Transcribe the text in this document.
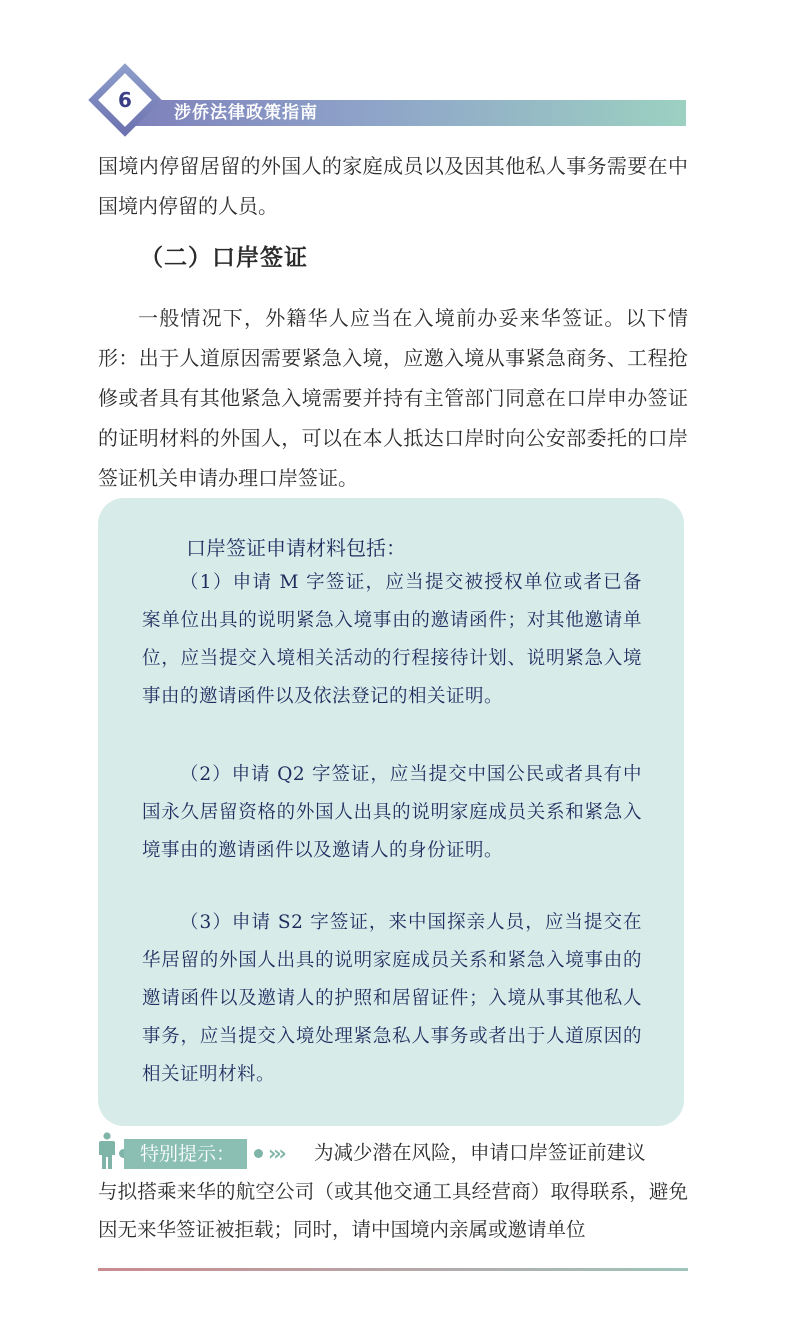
涉侨法律政策指南
6

国境内停留居留的外国人的家庭成员以及因其他私人事务需要在中国境内停留的人员。

（二）口岸签证

一般情况下，外籍华人应当在入境前办妥来华签证。以下情形：出于人道原因需要紧急入境，应邀入境从事紧急商务、工程抢修或者具有其他紧急入境需要并持有主管部门同意在口岸申办签证的证明材料的外国人，可以在本人抵达口岸时向公安部委托的口岸签证机关申请办理口岸签证。

口岸签证申请材料包括：

（1）申请 M 字签证，应当提交被授权单位或者已备案单位出具的说明紧急入境事由的邀请函件；对其他邀请单位，应当提交入境相关活动的行程接待计划、说明紧急入境事由的邀请函件以及依法登记的相关证明。

（2）申请 Q2 字签证，应当提交中国公民或者具有中国永久居留资格的外国人出具的说明家庭成员关系和紧急入境事由的邀请函件以及邀请人的身份证明。

（3）申请 S2 字签证，来中国探亲人员，应当提交在华居留的外国人出具的说明家庭成员关系和紧急入境事由的邀请函件以及邀请人的护照和居留证件；入境从事其他私人事务，应当提交入境处理紧急私人事务或者出于人道原因的相关证明材料。

特别提示：	››› 为减少潜在风险，申请口岸签证前建议

与拟搭乘来华的航空公司（或其他交通工具经营商）取得联系，避免因无来华签证被拒载；同时，请中国境内亲属或邀请单位
